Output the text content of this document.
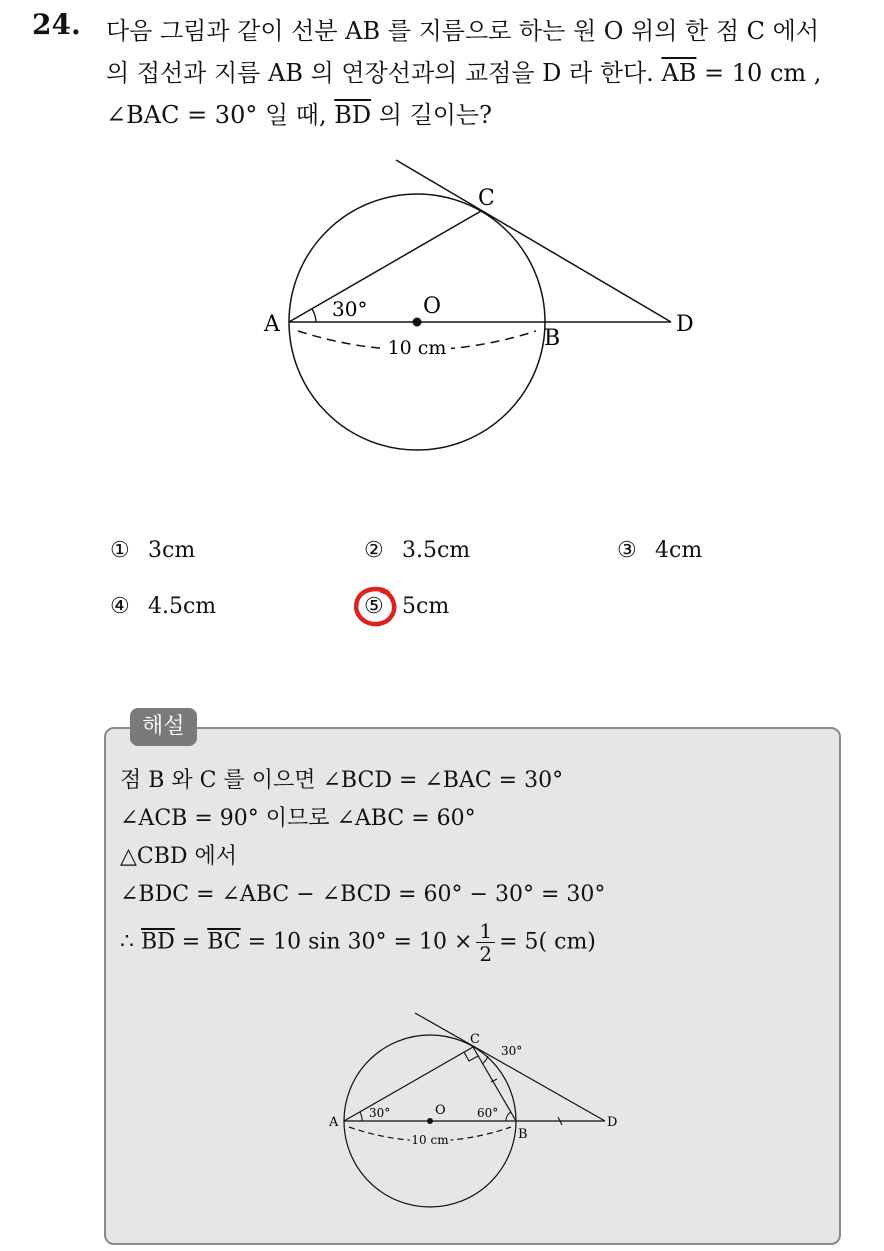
24. 다음 그림과 같이 선분 AB 를 지름으로 하는 원 O 위의 한 점 C 에서
의 접선과 지름 AB 의 연장선과의 교점을 D 라 한다. $\overline{AB} = 10$ cm ,
∠BAC = 30° 일 때, $\overline{BD}$ 의 길이는?
A
B
C
D
O
30°
10 cm
① 3cm	② 3.5cm	③ 4cm
④ 4.5cm	⑤ 5cm
해설
점 B 와 C 를 이으면 ∠BCD = ∠BAC = 30°
∠ACB = 90° 이므로 ∠ABC = 60°
△CBD 에서
∠BDC = ∠ABC − ∠BCD = 60° − 30° = 30°
∴ $\overline{BD} = \overline{BC} = 10$ $\sin 30^\circ = 10 \times \frac{1}{2} = 5$( cm)
A
B
C
D
O
30°	60°
30°
10 cm
